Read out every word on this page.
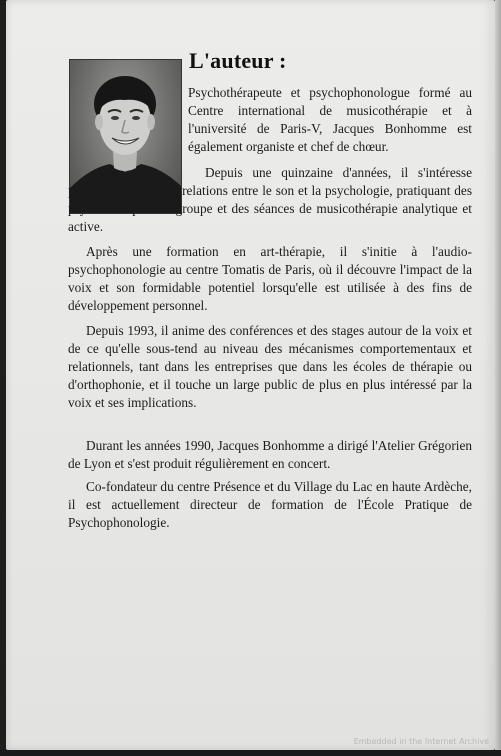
L'auteur :

Psychothérapeute et psychophonologue formé au Centre international de musicothérapie et à l'université de Paris-V, Jacques Bonhomme est également organiste et chef de chœur.

Depuis une quinzaine d'années, il s'intéresse particulièrement aux relations entre le son et la psychologie, pratiquant des psychothérapies de groupe et des séances de musicothérapie analytique et active.

Après une formation en art-thérapie, il s'initie à l'audio-psychophonologie au centre Tomatis de Paris, où il découvre l'impact de la voix et son formidable potentiel lorsqu'elle est utilisée à des fins de développement personnel.

Depuis 1993, il anime des conférences et des stages autour de la voix et de ce qu'elle sous-tend au niveau des mécanismes comportementaux et relationnels, tant dans les entreprises que dans les écoles de thérapie ou d'orthophonie, et il touche un large public de plus en plus intéressé par la voix et ses implications.

Durant les années 1990, Jacques Bonhomme a dirigé l'Atelier Grégorien de Lyon et s'est produit régulièrement en concert.

Co-fondateur du centre Présence et du Village du Lac en haute Ardèche, il est actuellement directeur de formation de l'École Pratique de Psychophonologie.

Embedded in the Internet Archive
